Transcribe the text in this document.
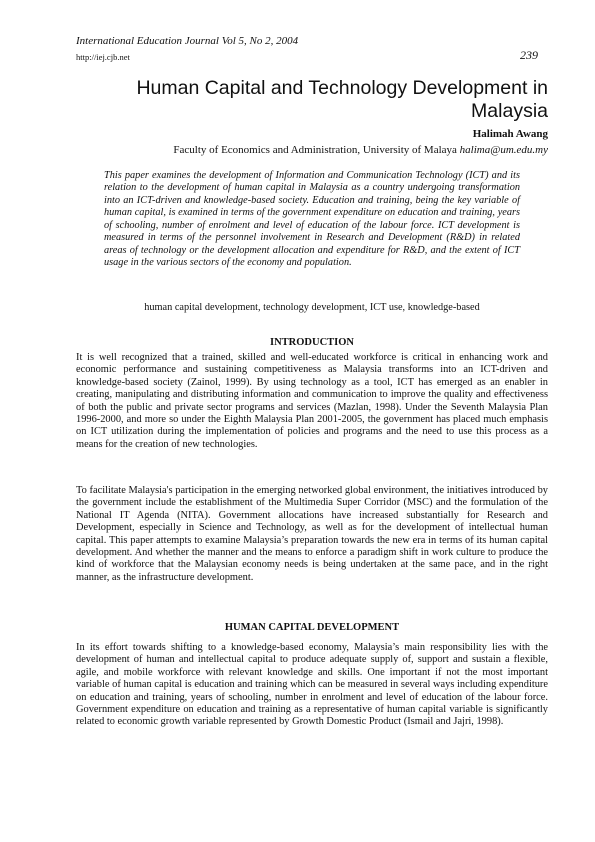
International Education Journal Vol 5, No 2, 2004
http://iej.cjb.net	239
Human Capital and Technology Development in Malaysia
Halimah Awang
Faculty of Economics and Administration, University of Malaya halima@um.edu.my

This paper examines the development of Information and Communication Technology (ICT) and its relation to the development of human capital in Malaysia as a country undergoing transformation into an ICT-driven and knowledge-based society. Education and training, being the key variable of human capital, is examined in terms of the government expenditure on education and training, years of schooling, number of enrolment and level of education of the labour force. ICT development is measured in terms of the personnel involvement in Research and Development (R&D) in related areas of technology or the development allocation and expenditure for R&D, and the extent of ICT usage in the various sectors of the economy and population.

human capital development, technology development, ICT use, knowledge-based
INTRODUCTION

It is well recognized that a trained, skilled and well-educated workforce is critical in enhancing work and economic performance and sustaining competitiveness as Malaysia transforms into an ICT-driven and knowledge-based society (Zainol, 1999). By using technology as a tool, ICT has emerged as an enabler in creating, manipulating and distributing information and communication to improve the quality and effectiveness of both the public and private sector programs and services (Mazlan, 1998). Under the Seventh Malaysia Plan 1996-2000, and more so under the Eighth Malaysia Plan 2001-2005, the government has placed much emphasis on ICT utilization during the implementation of policies and programs and the need to use this process as a means for the creation of new technologies.

To facilitate Malaysia's participation in the emerging networked global environment, the initiatives introduced by the government include the establishment of the Multimedia Super Corridor (MSC) and the formulation of the National IT Agenda (NITA). Government allocations have increased substantially for Research and Development, especially in Science and Technology, as well as for the development of intellectual human capital. This paper attempts to examine Malaysia’s preparation towards the new era in terms of its human capital development. And whether the manner and the means to enforce a paradigm shift in work culture to produce the kind of workforce that the Malaysian economy needs is being undertaken at the same pace, and in the right manner, as the infrastructure development.

HUMAN CAPITAL DEVELOPMENT

In its effort towards shifting to a knowledge-based economy, Malaysia’s main responsibility lies with the development of human and intellectual capital to produce adequate supply of, support and sustain a flexible, agile, and mobile workforce with relevant knowledge and skills. One important if not the most important variable of human capital is education and training which can be measured in several ways including expenditure on education and training, years of schooling, number in enrolment and level of education of the labour force. Government expenditure on education and training as a representative of human capital variable is significantly related to economic growth variable represented by Growth Domestic Product (Ismail and Jajri, 1998).
